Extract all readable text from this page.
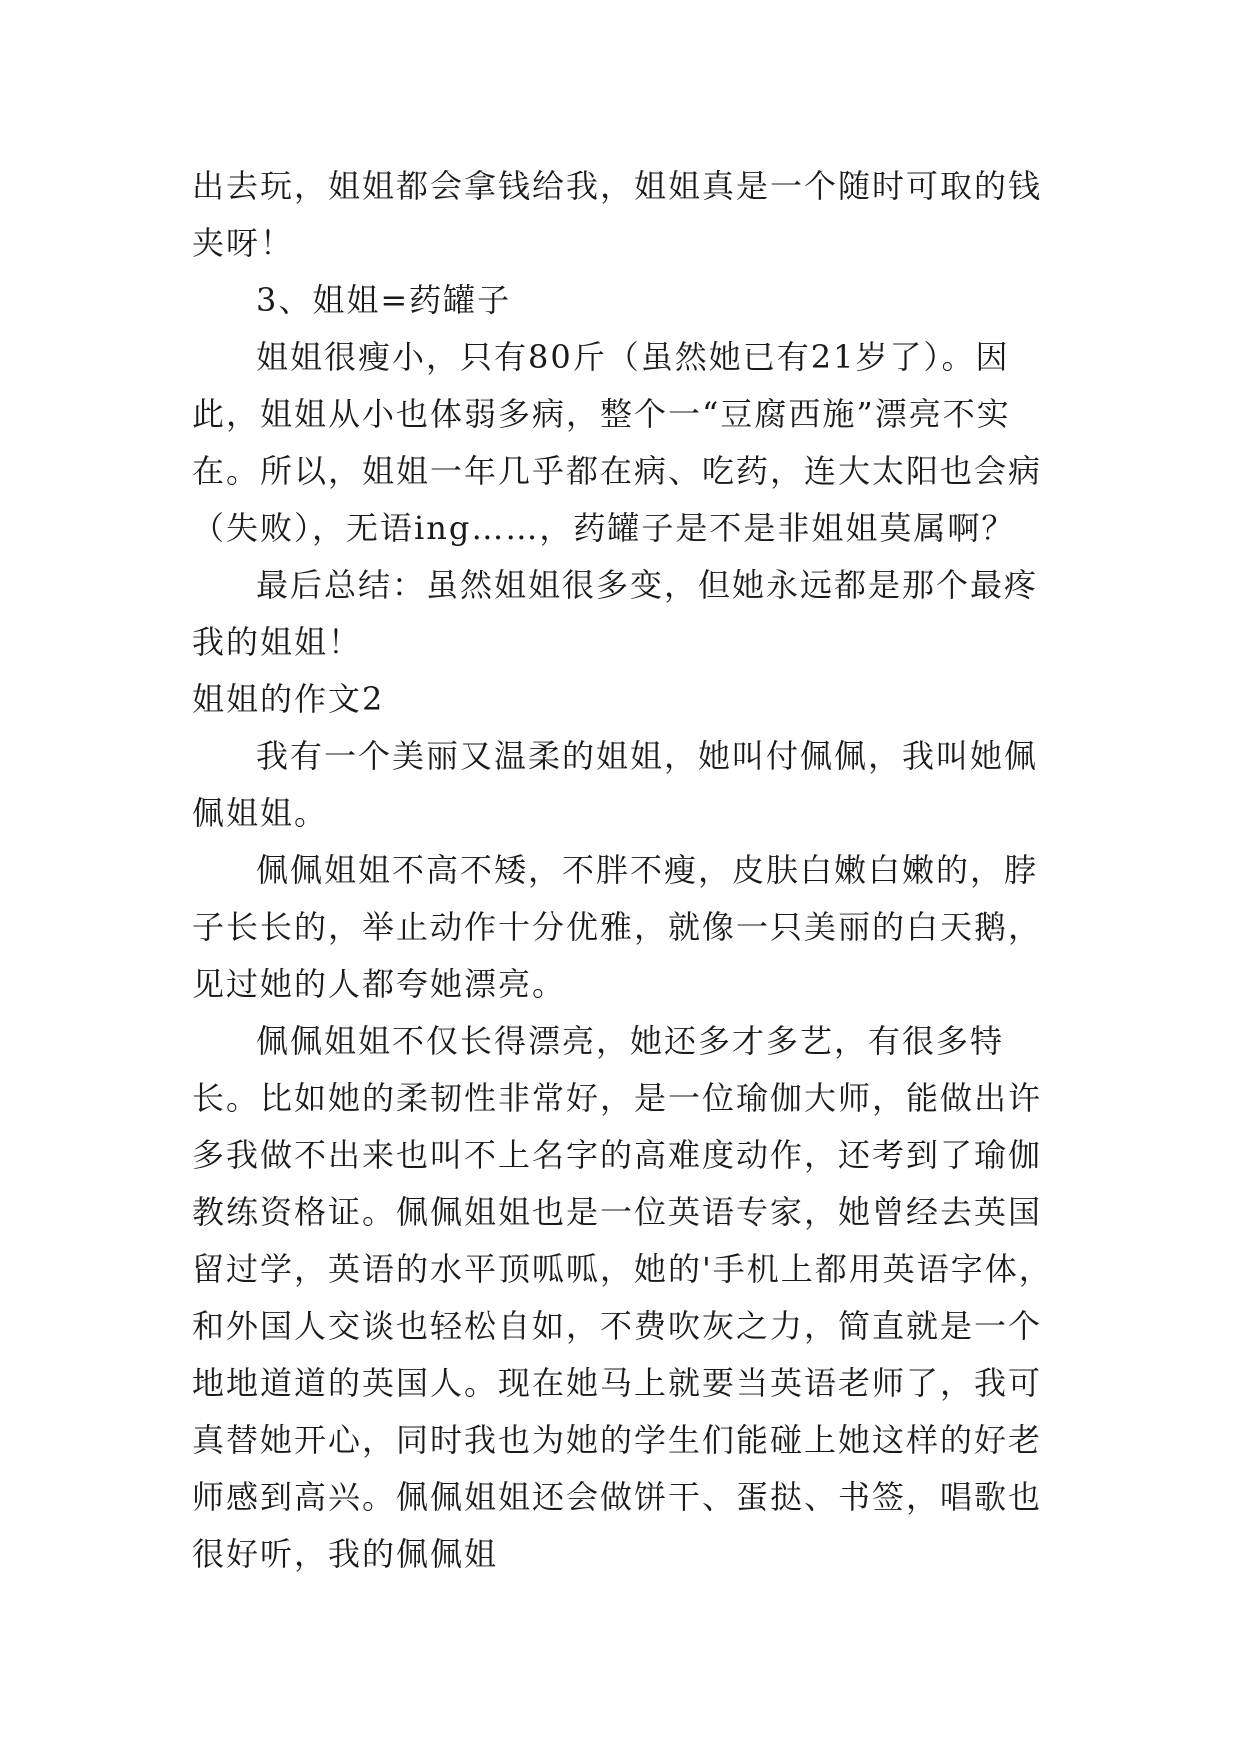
出去玩，姐姐都会拿钱给我，姐姐真是一个随时可取的钱夹呀！

3、姐姐=药罐子

姐姐很瘦小，只有80斤（虽然她已有21岁了）。因此，姐姐从小也体弱多病，整个一“豆腐西施”漂亮不实在。所以，姐姐一年几乎都在病、吃药，连大太阳也会病（失败），无语ing……，药罐子是不是非姐姐莫属啊？

最后总结：虽然姐姐很多变，但她永远都是那个最疼我的姐姐！

姐姐的作文2

我有一个美丽又温柔的姐姐，她叫付佩佩，我叫她佩佩姐姐。

佩佩姐姐不高不矮，不胖不瘦，皮肤白嫩白嫩的，脖子长长的，举止动作十分优雅，就像一只美丽的白天鹅，见过她的人都夸她漂亮。

佩佩姐姐不仅长得漂亮，她还多才多艺，有很多特长。比如她的柔韧性非常好，是一位瑜伽大师，能做出许多我做不出来也叫不上名字的高难度动作，还考到了瑜伽教练资格证。佩佩姐姐也是一位英语专家，她曾经去英国留过学，英语的水平顶呱呱，她的'手机上都用英语字体，和外国人交谈也轻松自如，不费吹灰之力，简直就是一个地地道道的英国人。现在她马上就要当英语老师了，我可真替她开心，同时我也为她的学生们能碰上她这样的好老师感到高兴。佩佩姐姐还会做饼干、蛋挞、书签，唱歌也很好听，我的佩佩姐
